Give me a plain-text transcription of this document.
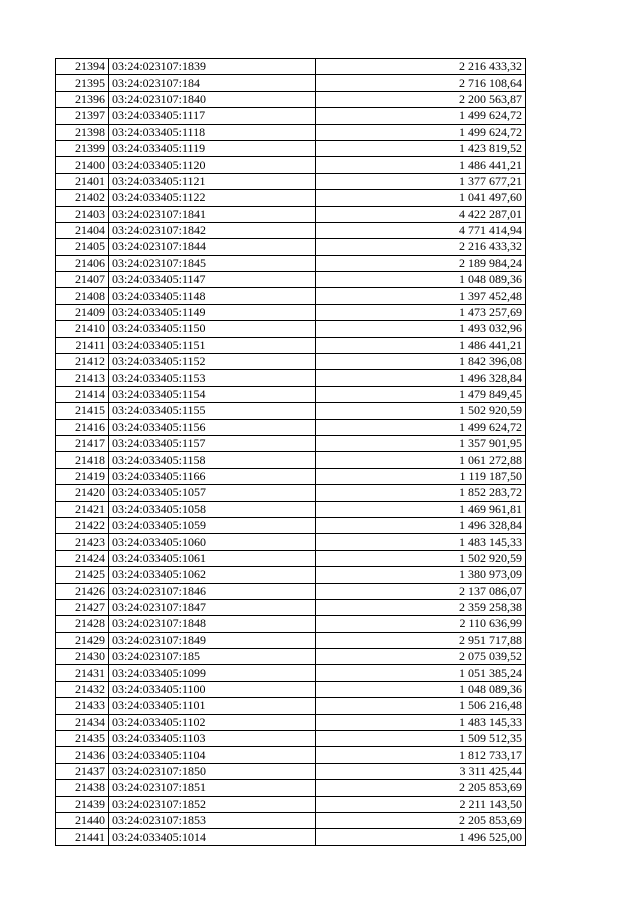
21394	03:24:023107:1839	2 216 433,32
21395	03:24:023107:184	2 716 108,64
21396	03:24:023107:1840	2 200 563,87
21397	03:24:033405:1117	1 499 624,72
21398	03:24:033405:1118	1 499 624,72
21399	03:24:033405:1119	1 423 819,52
21400	03:24:033405:1120	1 486 441,21
21401	03:24:033405:1121	1 377 677,21
21402	03:24:033405:1122	1 041 497,60
21403	03:24:023107:1841	4 422 287,01
21404	03:24:023107:1842	4 771 414,94
21405	03:24:023107:1844	2 216 433,32
21406	03:24:023107:1845	2 189 984,24
21407	03:24:033405:1147	1 048 089,36
21408	03:24:033405:1148	1 397 452,48
21409	03:24:033405:1149	1 473 257,69
21410	03:24:033405:1150	1 493 032,96
21411	03:24:033405:1151	1 486 441,21
21412	03:24:033405:1152	1 842 396,08
21413	03:24:033405:1153	1 496 328,84
21414	03:24:033405:1154	1 479 849,45
21415	03:24:033405:1155	1 502 920,59
21416	03:24:033405:1156	1 499 624,72
21417	03:24:033405:1157	1 357 901,95
21418	03:24:033405:1158	1 061 272,88
21419	03:24:033405:1166	1 119 187,50
21420	03:24:033405:1057	1 852 283,72
21421	03:24:033405:1058	1 469 961,81
21422	03:24:033405:1059	1 496 328,84
21423	03:24:033405:1060	1 483 145,33
21424	03:24:033405:1061	1 502 920,59
21425	03:24:033405:1062	1 380 973,09
21426	03:24:023107:1846	2 137 086,07
21427	03:24:023107:1847	2 359 258,38
21428	03:24:023107:1848	2 110 636,99
21429	03:24:023107:1849	2 951 717,88
21430	03:24:023107:185	2 075 039,52
21431	03:24:033405:1099	1 051 385,24
21432	03:24:033405:1100	1 048 089,36
21433	03:24:033405:1101	1 506 216,48
21434	03:24:033405:1102	1 483 145,33
21435	03:24:033405:1103	1 509 512,35
21436	03:24:033405:1104	1 812 733,17
21437	03:24:023107:1850	3 311 425,44
21438	03:24:023107:1851	2 205 853,69
21439	03:24:023107:1852	2 211 143,50
21440	03:24:023107:1853	2 205 853,69
21441	03:24:033405:1014	1 496 525,00
